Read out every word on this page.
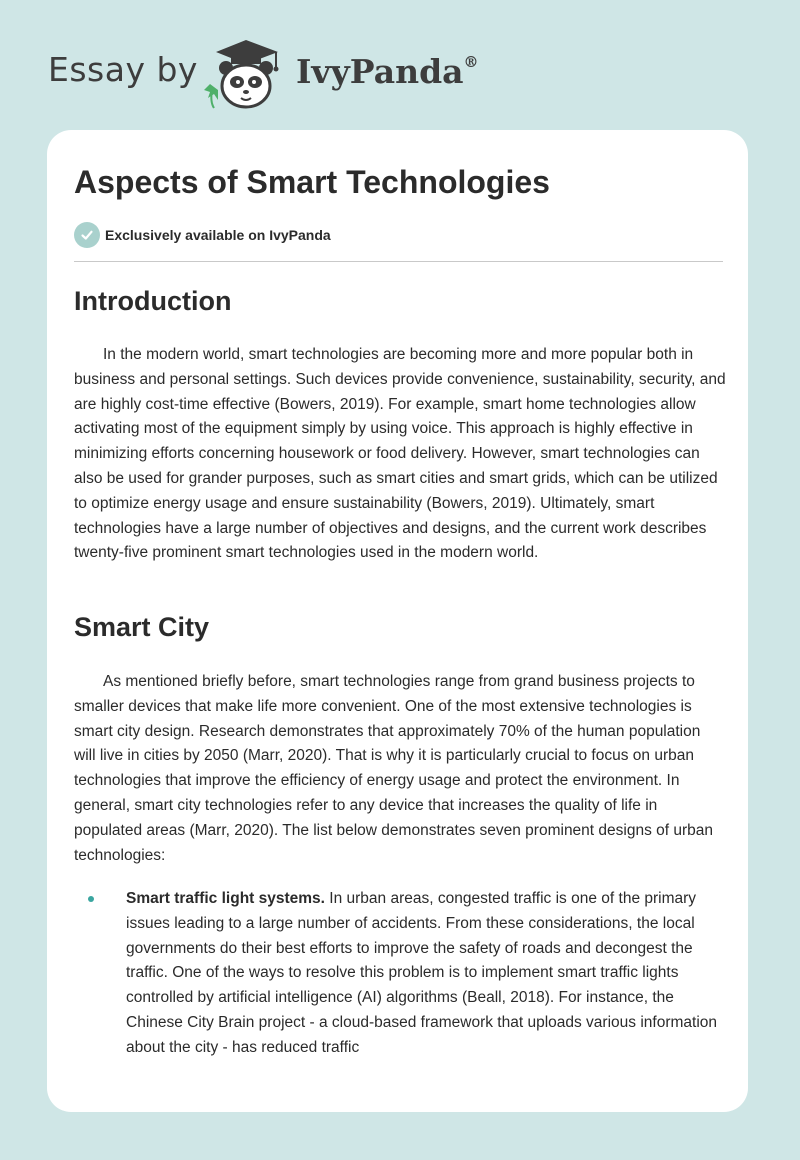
Essay by	IvyPanda®
Aspects of Smart Technologies
Exclusively available on IvyPanda
Introduction

In the modern world, smart technologies are becoming more and more popular both in business and personal settings. Such devices provide convenience, sustainability, security, and are highly cost-time effective (Bowers, 2019). For example, smart home technologies allow activating most of the equipment simply by using voice. This approach is highly effective in minimizing efforts concerning housework or food delivery. However, smart technologies can also be used for grander purposes, such as smart cities and smart grids, which can be utilized to optimize energy usage and ensure sustainability (Bowers, 2019). Ultimately, smart technologies have a large number of objectives and designs, and the current work describes twenty-five prominent smart technologies used in the modern world.

Smart City

As mentioned briefly before, smart technologies range from grand business projects to smaller devices that make life more convenient. One of the most extensive technologies is smart city design. Research demonstrates that approximately 70% of the human population will live in cities by 2050 (Marr, 2020). That is why it is particularly crucial to focus on urban technologies that improve the efficiency of energy usage and protect the environment. In general, smart city technologies refer to any device that increases the quality of life in populated areas (Marr, 2020). The list below demonstrates seven prominent designs of urban technologies:

Smart traffic light systems. In urban areas, congested traffic is one of the primary issues leading to a large number of accidents. From these considerations, the local governments do their best efforts to improve the safety of roads and decongest the traffic. One of the ways to resolve this problem is to implement smart traffic lights controlled by artificial intelligence (AI) algorithms (Beall, 2018). For instance, the Chinese City Brain project - a cloud-based framework that uploads various information about the city - has reduced traffic
